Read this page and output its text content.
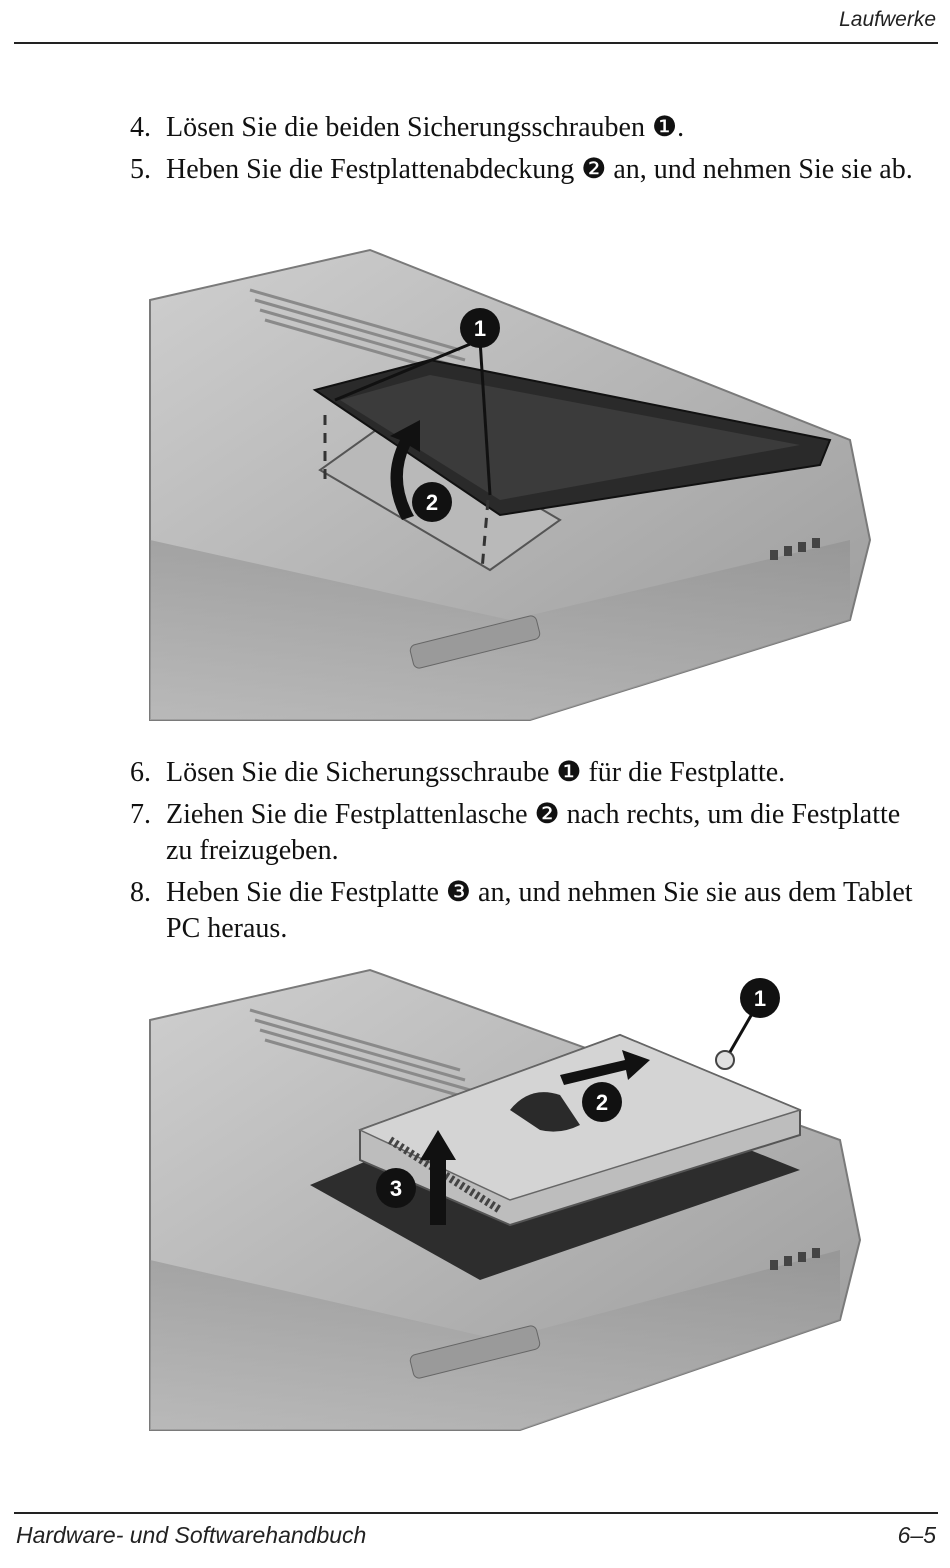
Laufwerke
4. Lösen Sie die beiden Sicherungsschrauben ❶.
5. Heben Sie die Festplattenabdeckung ❷ an, und nehmen Sie sie ab.
1
2
6. Lösen Sie die Sicherungsschraube ❶ für die Festplatte.
7. Ziehen Sie die Festplattenlasche ❷ nach rechts, um die Festplatte zu freizugeben.
8. Heben Sie die Festplatte ❸ an, und nehmen Sie sie aus dem Tablet PC heraus.
1
2
3
Hardware- und Softwarehandbuch	6–5
